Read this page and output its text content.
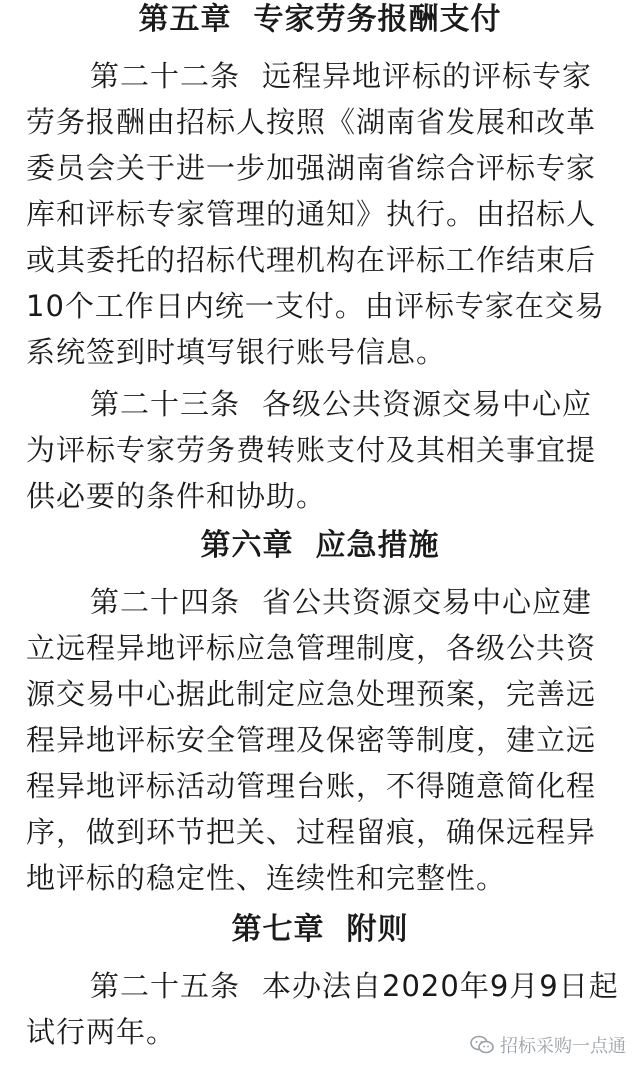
第五章 专家劳务报酬支付
第二十二条 远程异地评标的评标专家
劳务报酬由招标人按照《湖南省发展和改革
委员会关于进一步加强湖南省综合评标专家
库和评标专家管理的通知》执行。由招标人
或其委托的招标代理机构在评标工作结束后
10个工作日内统一支付。由评标专家在交易
系统签到时填写银行账号信息。
第二十三条 各级公共资源交易中心应
为评标专家劳务费转账支付及其相关事宜提
供必要的条件和协助。
第六章 应急措施
第二十四条 省公共资源交易中心应建
立远程异地评标应急管理制度，各级公共资
源交易中心据此制定应急处理预案，完善远
程异地评标安全管理及保密等制度，建立远
程异地评标活动管理台账，不得随意简化程
序，做到环节把关、过程留痕，确保远程异
地评标的稳定性、连续性和完整性。
第七章 附则
第二十五条 本办法自2020年9月9日起
试行两年。	招标采购一点通
